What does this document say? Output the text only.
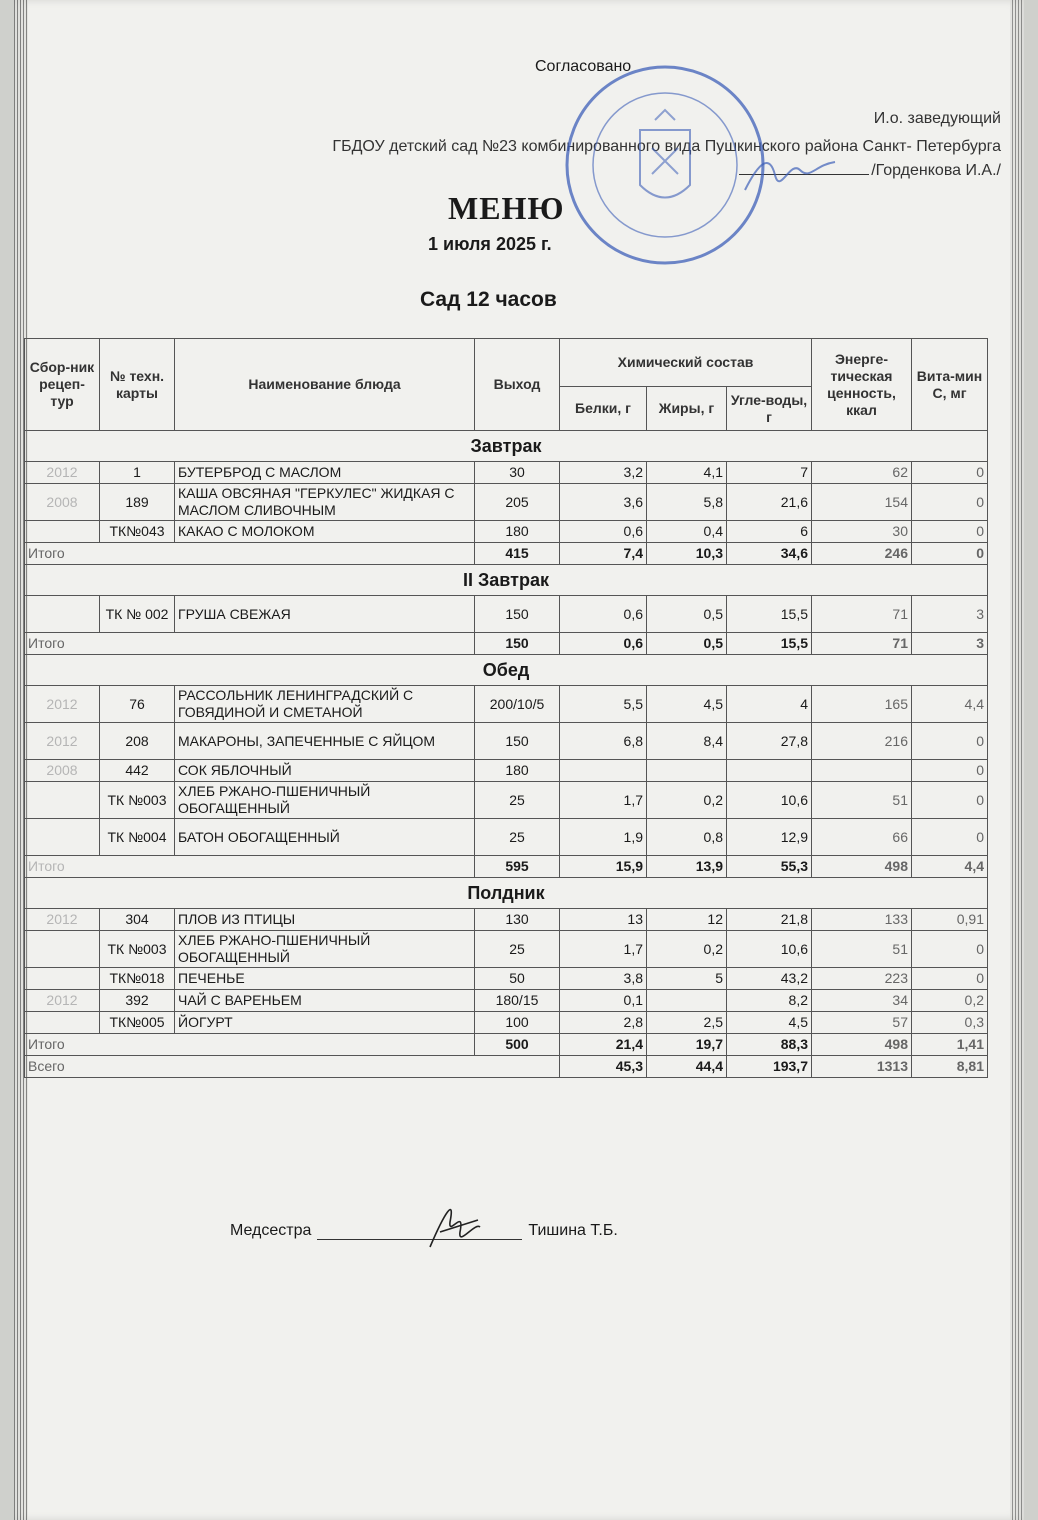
Согласовано
И.о. заведующий
ГБДОУ детский сад №23 комбинированного вида Пушкинского района Санкт- Петербурга
/Горденкова И.А./
МЕНЮ
1 июля 2025 г.
Сад 12 часов
Сбор-ник рецеп-тур	№ техн. карты	Наименование блюда	Выход	Химический состав			Энерге-тическая ценность, ккал	Вита-мин С, мг
				Белки, г	Жиры, г	Угле-воды, г		
Завтрак								
2012	1	БУТЕРБРОД С МАСЛОМ	30	3,2	4,1	7	62	0
2008	189	КАША ОВСЯНАЯ "ГЕРКУЛЕС" ЖИДКАЯ С МАСЛОМ СЛИВОЧНЫМ	205	3,6	5,8	21,6	154	0
	ТК№043	КАКАО С МОЛОКОМ	180	0,6	0,4	6	30	0
Итого			415	7,4	10,3	34,6	246	0
II Завтрак								
	ТК № 002	ГРУША СВЕЖАЯ	150	0,6	0,5	15,5	71	3
Итого			150	0,6	0,5	15,5	71	3
Обед								
2012	76	РАССОЛЬНИК ЛЕНИНГРАДСКИЙ С ГОВЯДИНОЙ И СМЕТАНОЙ	200/10/5	5,5	4,5	4	165	4,4
2012	208	МАКАРОНЫ, ЗАПЕЧЕННЫЕ С ЯЙЦОМ	150	6,8	8,4	27,8	216	0
2008	442	СОК ЯБЛОЧНЫЙ	180					0
	ТК №003	ХЛЕБ РЖАНО-ПШЕНИЧНЫЙ ОБОГАЩЕННЫЙ	25	1,7	0,2	10,6	51	0
	ТК №004	БАТОН ОБОГАЩЕННЫЙ	25	1,9	0,8	12,9	66	0
Итого			595	15,9	13,9	55,3	498	4,4
Полдник								
2012	304	ПЛОВ ИЗ ПТИЦЫ	130	13	12	21,8	133	0,91
	ТК №003	ХЛЕБ РЖАНО-ПШЕНИЧНЫЙ ОБОГАЩЕННЫЙ	25	1,7	0,2	10,6	51	0
	ТК№018	ПЕЧЕНЬЕ	50	3,8	5	43,2	223	0
2012	392	ЧАЙ С ВАРЕНЬЕМ	180/15	0,1		8,2	34	0,2
	ТК№005	ЙОГУРТ	100	2,8	2,5	4,5	57	0,3
Итого			500	21,4	19,7	88,3	498	1,41
Всего				45,3	44,4	193,7	1313	8,81
Медсестра	Тишина Т.Б.
